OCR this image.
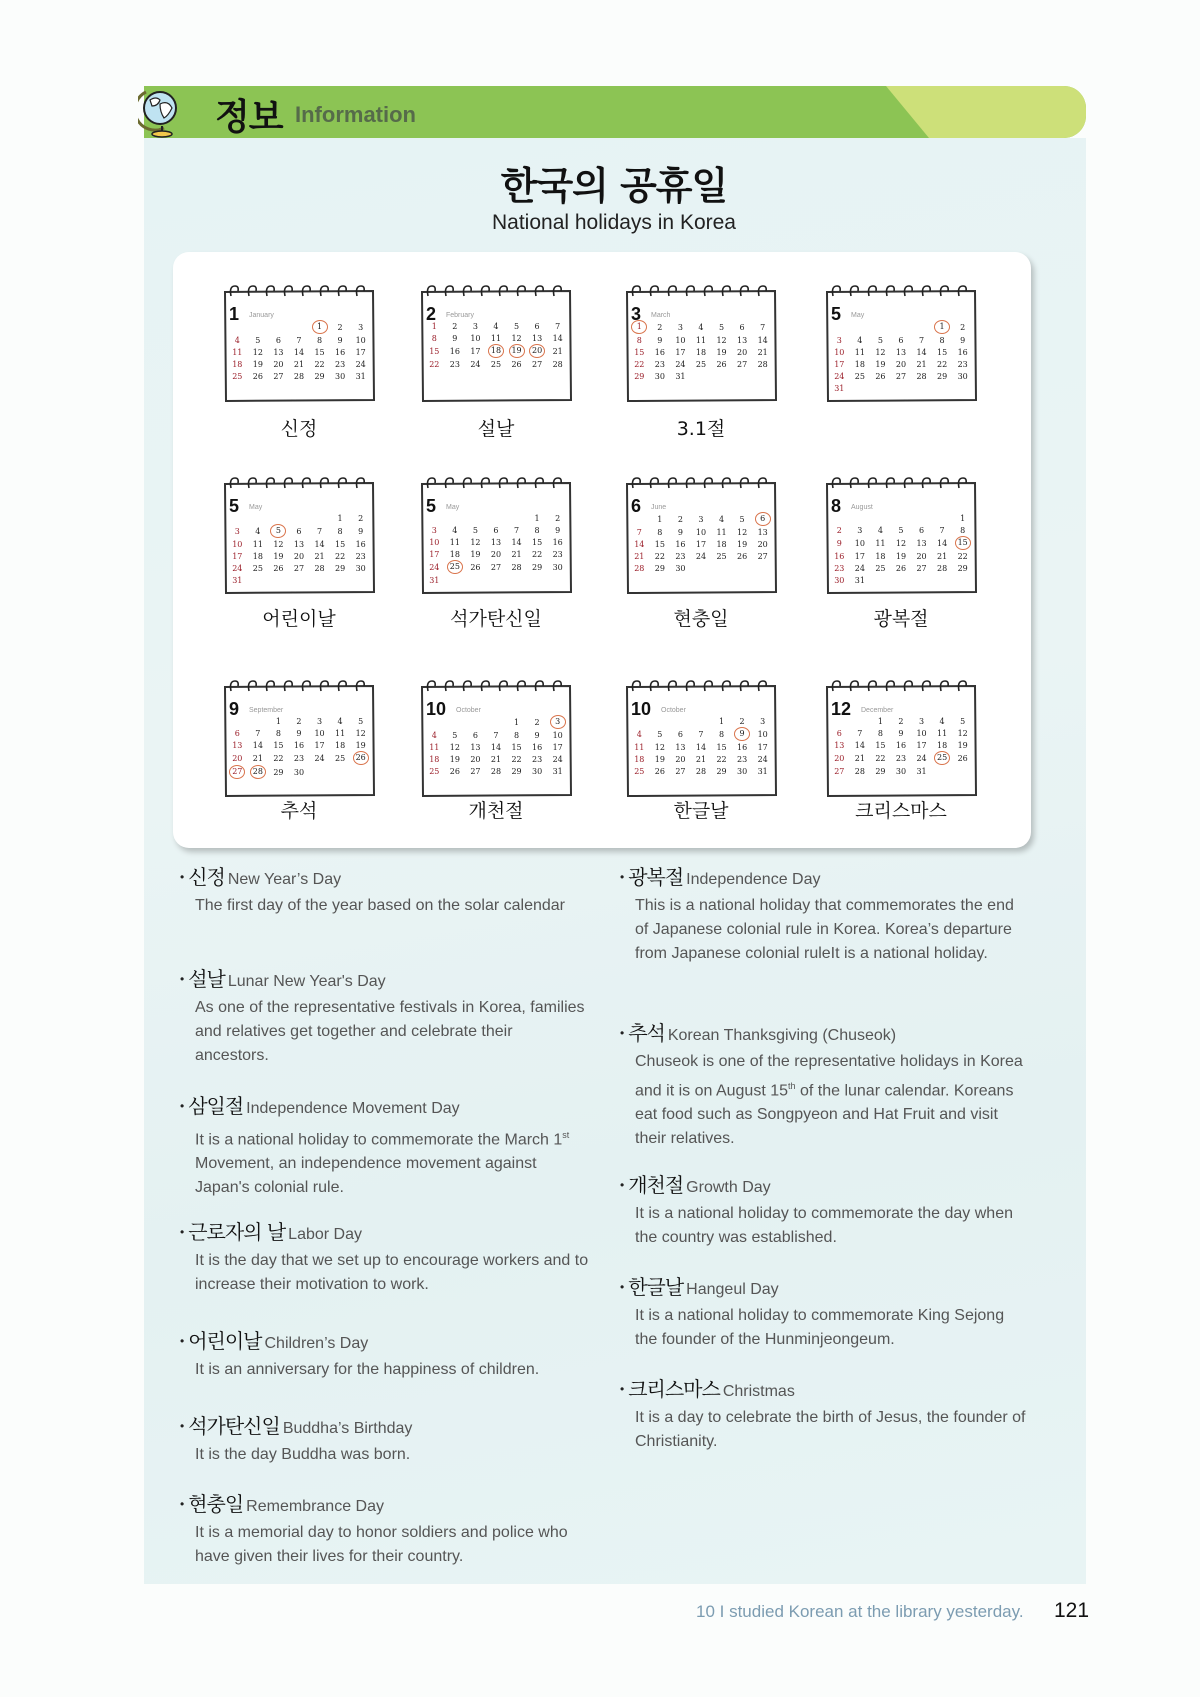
정보 Information
한국의 공휴일
National holidays in Korea
1 January
				1	2	3
4	5	6	7	8	9	10
11	12	13	14	15	16	17
18	19	20	21	22	23	24
25	26	27	28	29	30	31
신정
2 February
1	2	3	4	5	6	7
8	9	10	11	12	13	14
15	16	17	18	19	20	21
22	23	24	25	26	27	28
설날
3 March
1	2	3	4	5	6	7
8	9	10	11	12	13	14
15	16	17	18	19	20	21
22	23	24	25	26	27	28
29	30	31				
3.1절
5 May
					1	2
3	4	5	6	7	8	9
10	11	12	13	14	15	16
17	18	19	20	21	22	23
24	25	26	27	28	29	30
31						
5 May
					1	2
3	4	5	6	7	8	9
10	11	12	13	14	15	16
17	18	19	20	21	22	23
24	25	26	27	28	29	30
31						
어린이날
5 May
					1	2
3	4	5	6	7	8	9
10	11	12	13	14	15	16
17	18	19	20	21	22	23
24	25	26	27	28	29	30
31						
석가탄신일
6 June
	1	2	3	4	5	6
7	8	9	10	11	12	13
14	15	16	17	18	19	20
21	22	23	24	25	26	27
28	29	30				
현충일
8 August
						1
2	3	4	5	6	7	8
9	10	11	12	13	14	15
16	17	18	19	20	21	22
23	24	25	26	27	28	29
30	31					
광복절
9 September
		1	2	3	4	5
6	7	8	9	10	11	12
13	14	15	16	17	18	19
20	21	22	23	24	25	26
27	28	29	30			
추석
10 October
				1	2	3
4	5	6	7	8	9	10
11	12	13	14	15	16	17
18	19	20	21	22	23	24
25	26	27	28	29	30	31
개천절
10 October
				1	2	3
4	5	6	7	8	9	10
11	12	13	14	15	16	17
18	19	20	21	22	23	24
25	26	27	28	29	30	31
한글날
12 December
		1	2	3	4	5
6	7	8	9	10	11	12
13	14	15	16	17	18	19
20	21	22	23	24	25	26
27	28	29	30	31		
크리스마스
• 신정 New Year’s Day
The first day of the year based on the solar calendar
• 설날 Lunar New Year's Day
As one of the representative festivals in Korea, families and relatives get together and celebrate their ancestors.
• 삼일절 Independence Movement Day
It is a national holiday to commemorate the March 1st Movement, an independence movement against Japan's colonial rule.
• 근로자의 날 Labor Day
It is the day that we set up to encourage workers and to increase their motivation to work.
• 어린이날 Children’s Day
It is an anniversary for the happiness of children.
• 석가탄신일 Buddha’s Birthday
It is the day Buddha was born.
• 현충일 Remembrance Day
It is a memorial day to honor soldiers and police who have given their lives for their country.
• 광복절 Independence Day
This is a national holiday that commemorates the end of Japanese colonial rule in Korea. Korea’s departure from Japanese colonial ruleIt is a national holiday.
• 추석 Korean Thanksgiving (Chuseok)
Chuseok is one of the representative holidays in Korea and it is on August 15th of the lunar calendar. Koreans eat food such as Songpyeon and Hat Fruit and visit their relatives.
• 개천절 Growth Day
It is a national holiday to commemorate the day when the country was established.
• 한글날 Hangeul Day
It is a national holiday to commemorate King Sejong the founder of the Hunminjeongeum.
• 크리스마스 Christmas
It is a day to celebrate the birth of Jesus, the founder of Christianity.
10 I studied Korean at the library yesterday. 121
